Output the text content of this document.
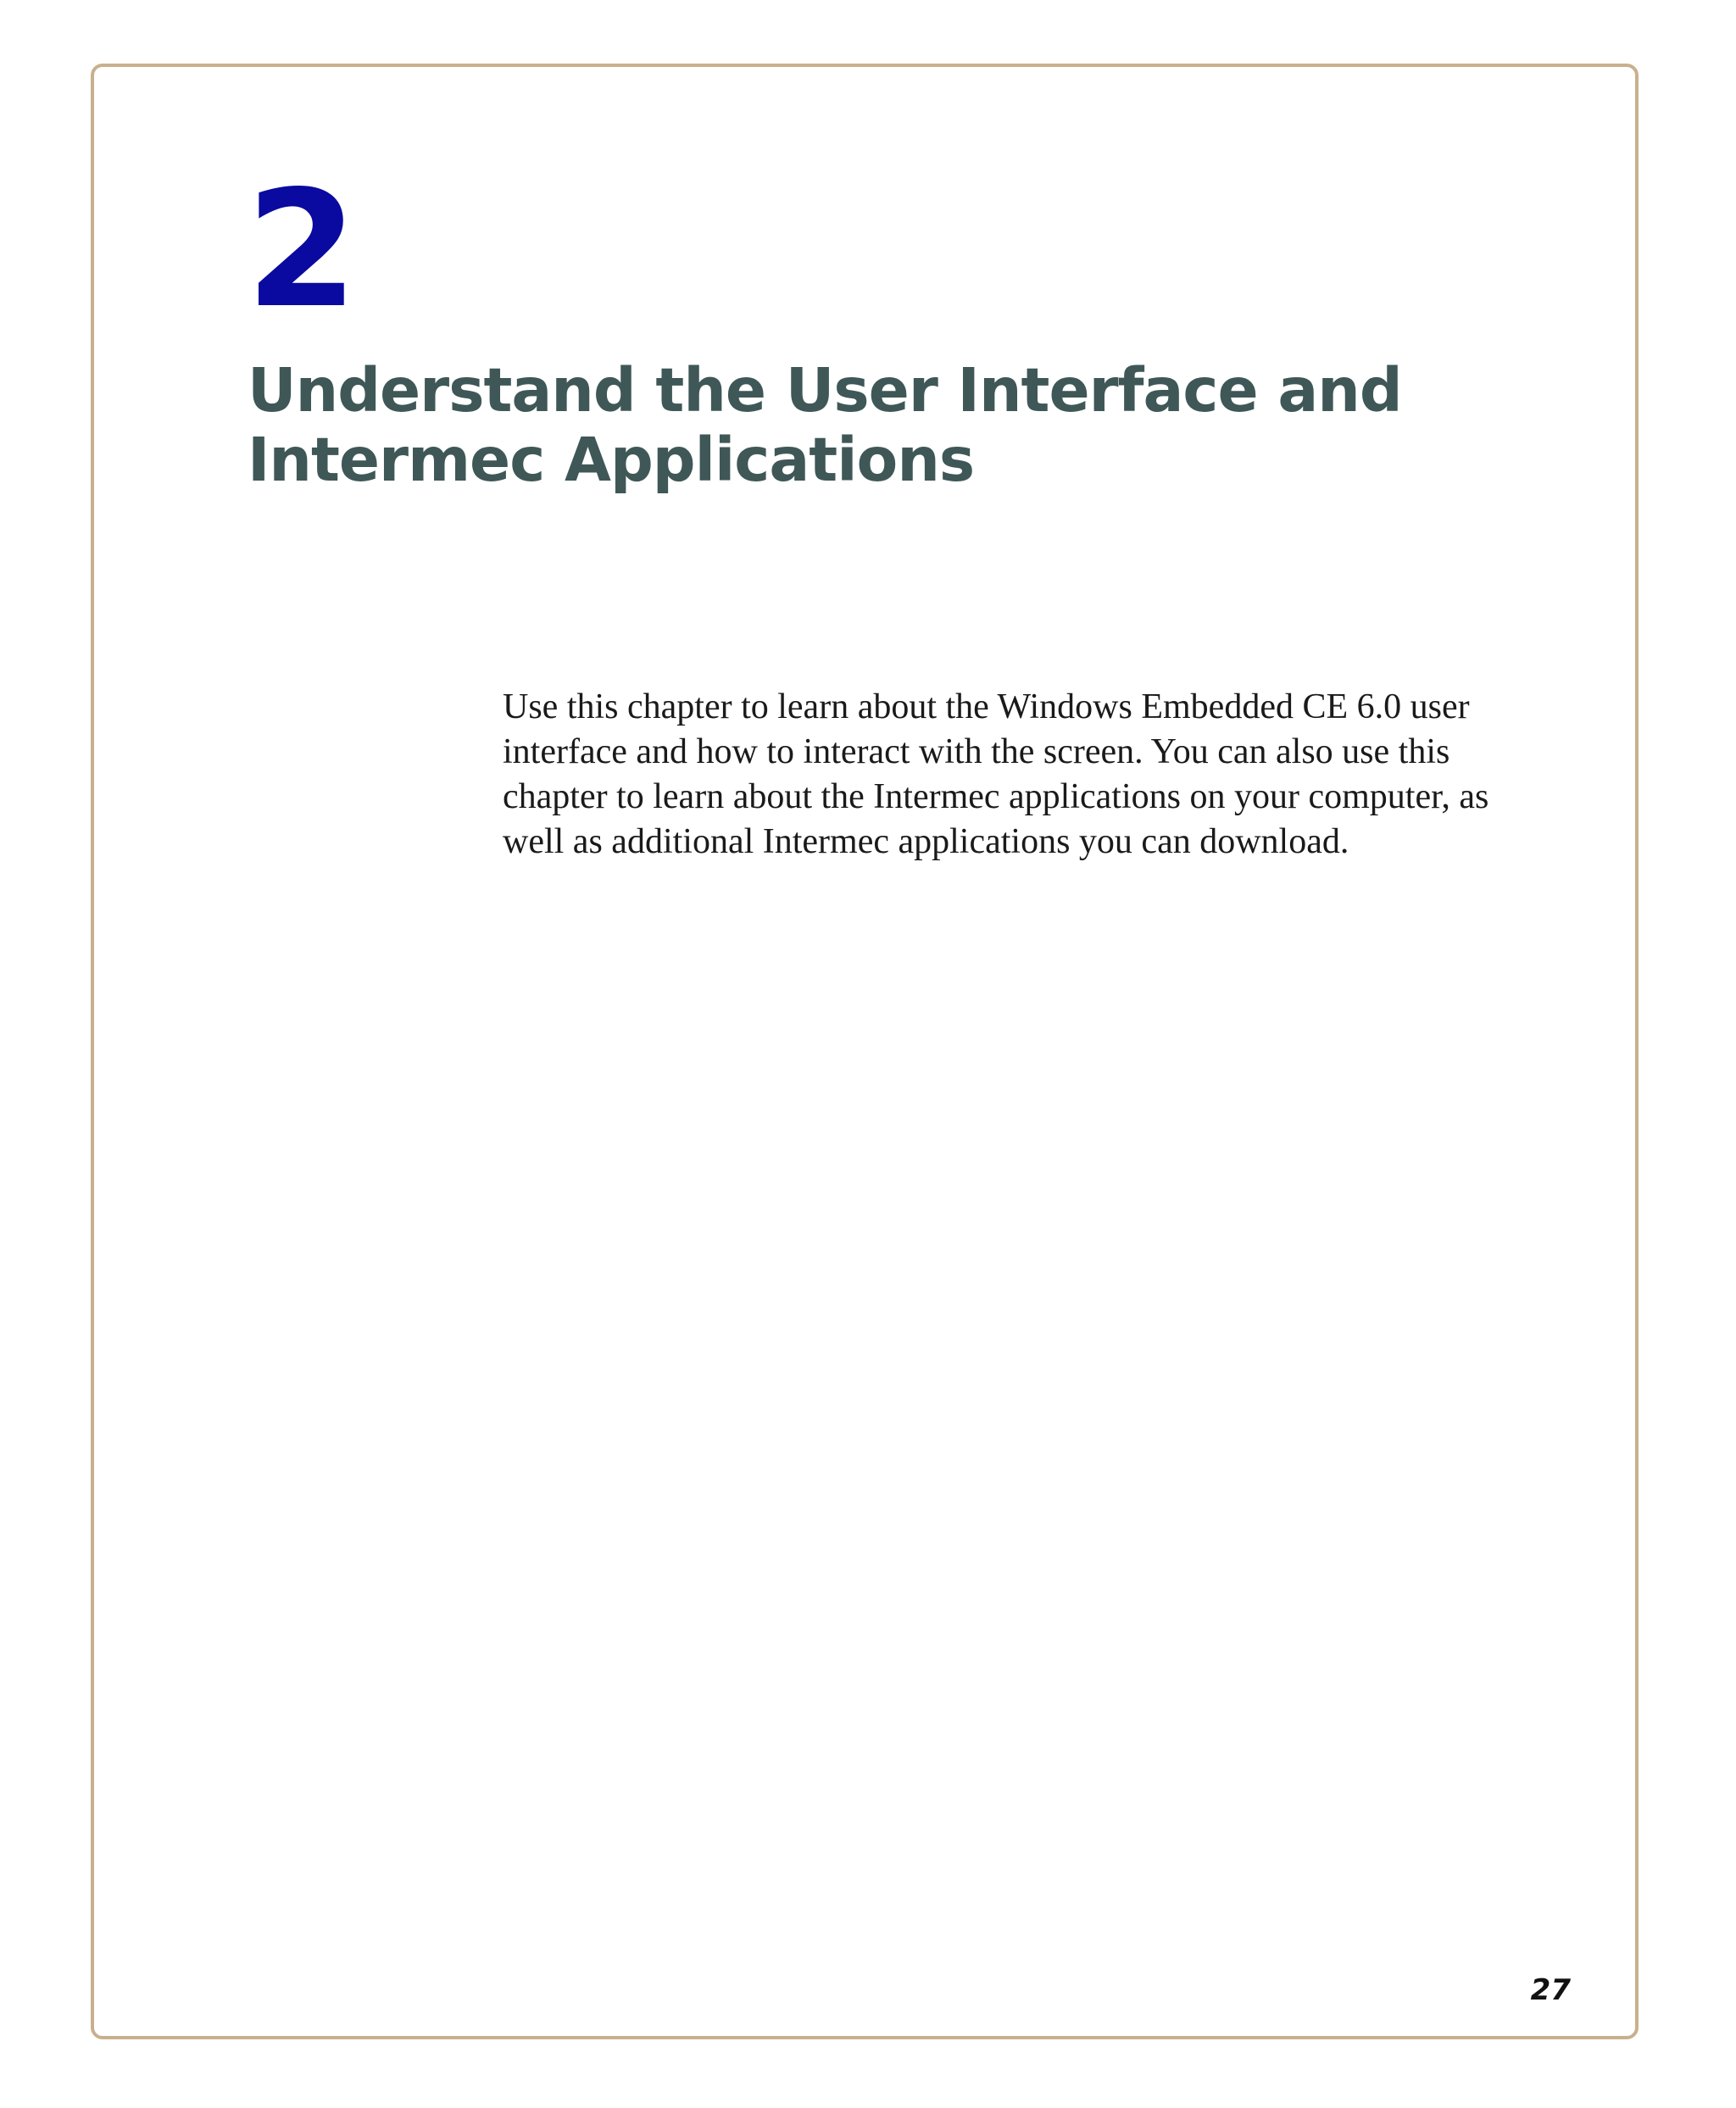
2
Understand the User Interface and Intermec Applications

Use this chapter to learn about the Windows Embedded CE 6.0 user interface and how to interact with the screen. You can also use this chapter to learn about the Intermec applications on your computer, as well as additional Intermec applications you can download.

27
